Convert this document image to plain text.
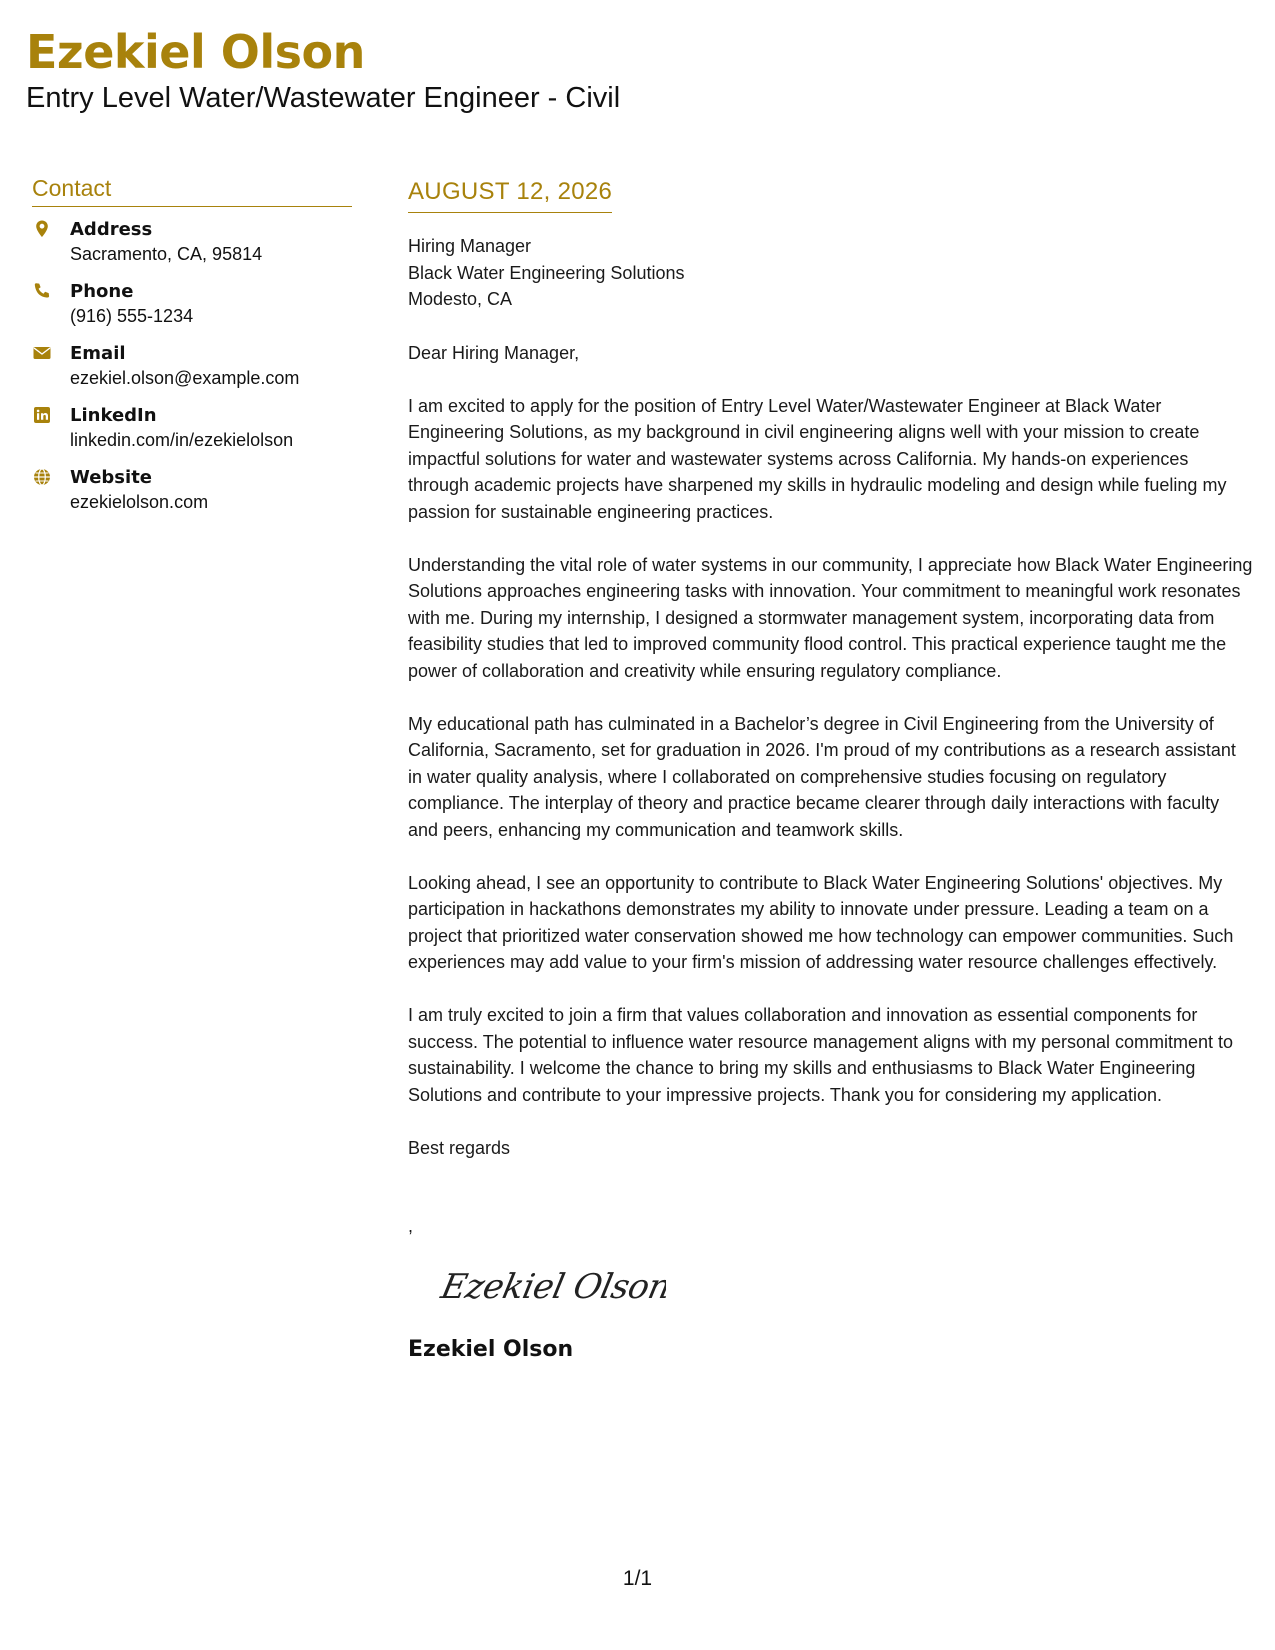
Ezekiel Olson
Entry Level Water/Wastewater Engineer - Civil
Contact
Address
Sacramento, CA, 95814
Phone
(916) 555-1234
Email
ezekiel.olson@example.com
LinkedIn
linkedin.com/in/ezekielolson
Website
ezekielolson.com
AUGUST 12, 2026
Hiring Manager
Black Water Engineering Solutions
Modesto, CA
Dear Hiring Manager,
I am excited to apply for the position of Entry Level Water/Wastewater Engineer at Black Water Engineering Solutions, as my background in civil engineering aligns well with your mission to create impactful solutions for water and wastewater systems across California. My hands-on experiences through academic projects have sharpened my skills in hydraulic modeling and design while fueling my passion for sustainable engineering practices.
Understanding the vital role of water systems in our community, I appreciate how Black Water Engineering Solutions approaches engineering tasks with innovation. Your commitment to meaningful work resonates with me. During my internship, I designed a stormwater management system, incorporating data from feasibility studies that led to improved community flood control. This practical experience taught me the power of collaboration and creativity while ensuring regulatory compliance.
My educational path has culminated in a Bachelor’s degree in Civil Engineering from the University of California, Sacramento, set for graduation in 2026. I'm proud of my contributions as a research assistant in water quality analysis, where I collaborated on comprehensive studies focusing on regulatory compliance. The interplay of theory and practice became clearer through daily interactions with faculty and peers, enhancing my communication and teamwork skills.
Looking ahead, I see an opportunity to contribute to Black Water Engineering Solutions' objectives. My participation in hackathons demonstrates my ability to innovate under pressure. Leading a team on a project that prioritized water conservation showed me how technology can empower communities. Such experiences may add value to your firm's mission of addressing water resource challenges effectively.
I am truly excited to join a firm that values collaboration and innovation as essential components for success. The potential to influence water resource management aligns with my personal commitment to sustainability. I welcome the chance to bring my skills and enthusiasms to Black Water Engineering Solutions and contribute to your impressive projects. Thank you for considering my application.
Best regards
,
Ezekiel Olson
Ezekiel Olson
1/1
